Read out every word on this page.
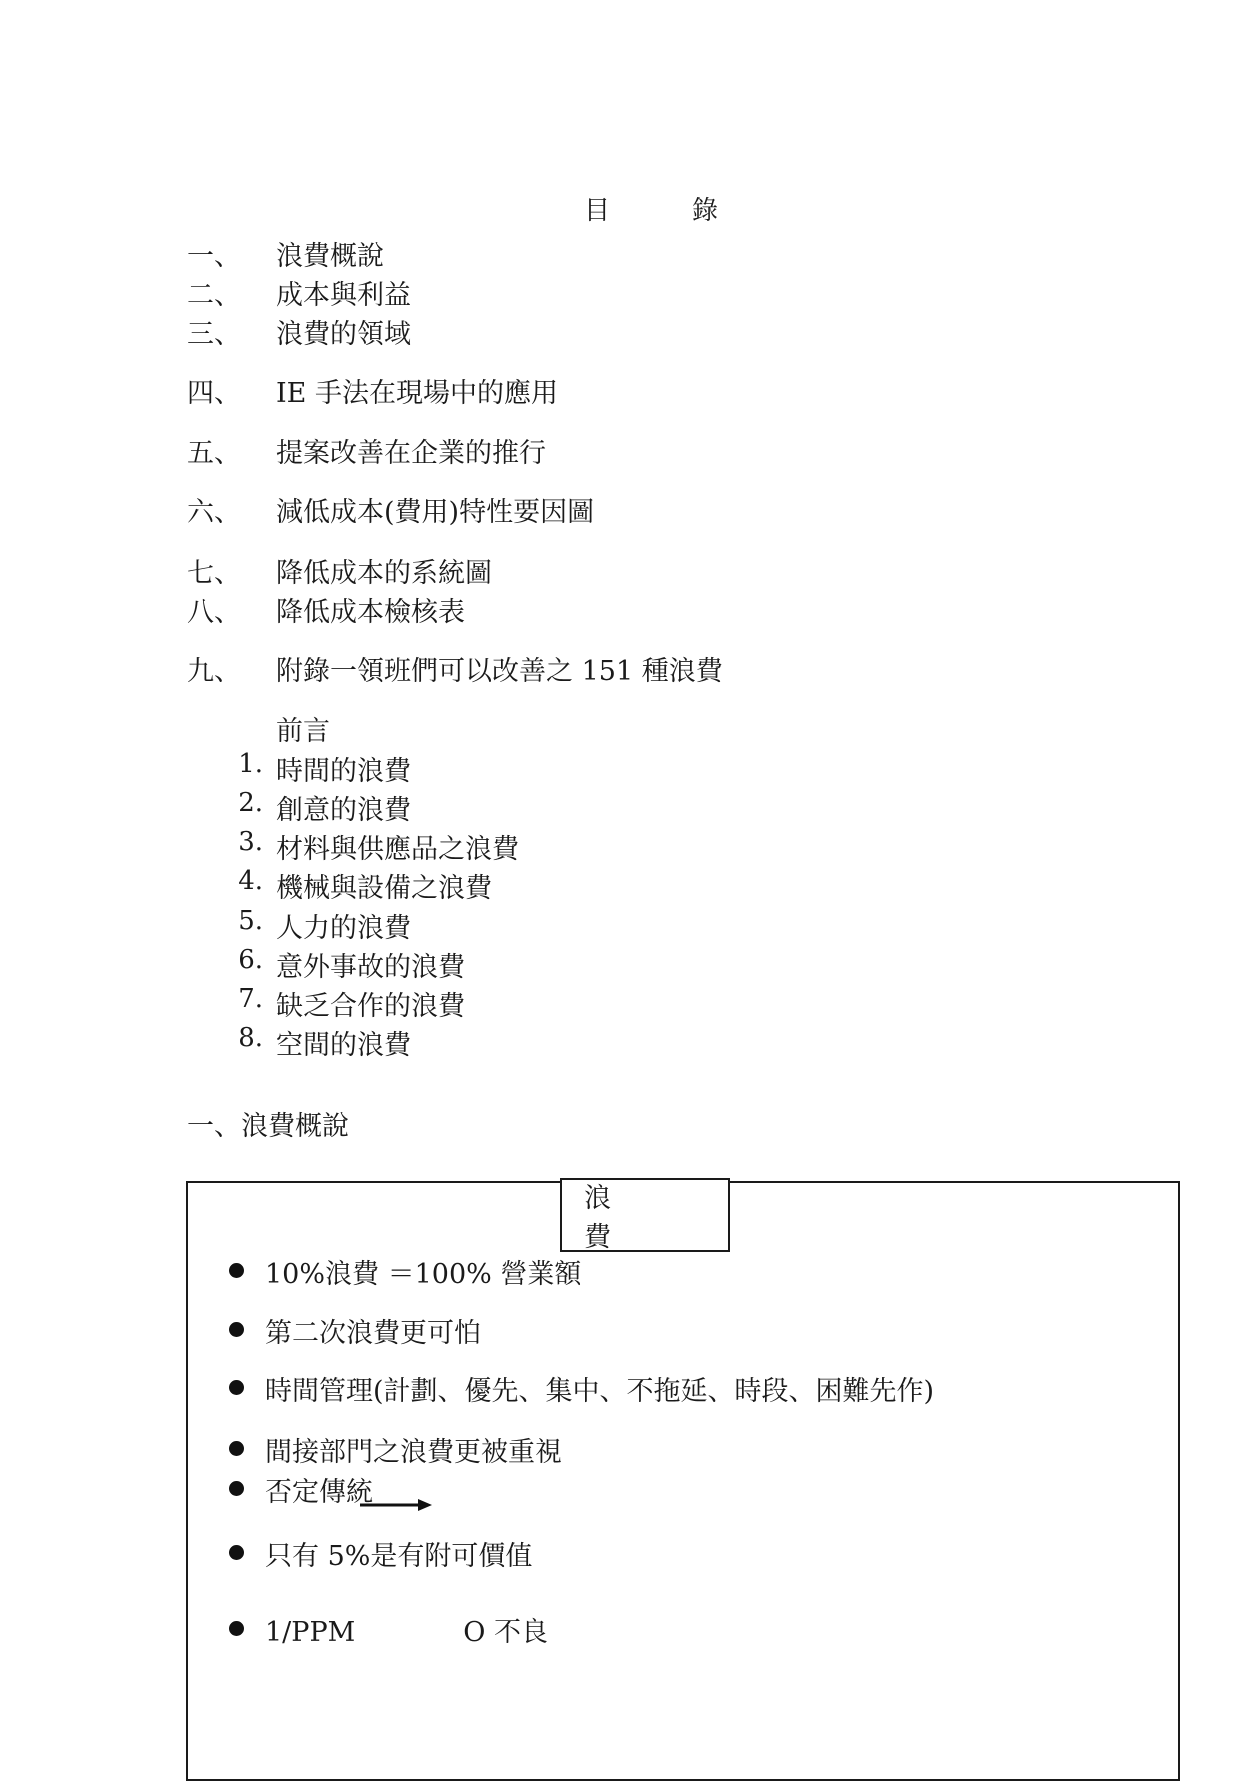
目　錄
一、 浪費概說
二、 成本與利益
三、 浪費的領域
四、 IE 手法在現場中的應用
五、 提案改善在企業的推行
六、 減低成本(費用)特性要因圖
七、 降低成本的系統圖
八、 降低成本檢核表
九、 附錄一領班們可以改善之 151 種浪費
前言
1. 時間的浪費
2. 創意的浪費
3. 材料與供應品之浪費
4. 機械與設備之浪費
5. 人力的浪費
6. 意外事故的浪費
7. 缺乏合作的浪費
8. 空間的浪費
一、浪費概說
浪　費
10%浪費 ＝100% 營業額
第二次浪費更可怕
時間管理(計劃、優先、集中、不拖延、時段、困難先作)
間接部門之浪費更被重視
否定傳統
只有 5%是有附可價值
1/PPM　　　　O 不良
